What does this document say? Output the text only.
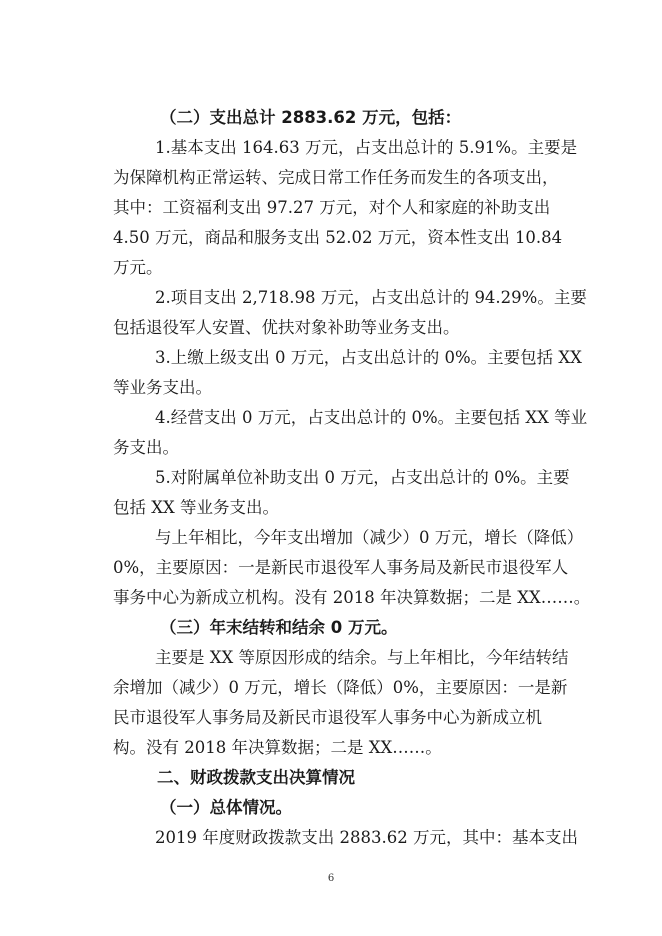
（二）支出总计 2883.62 万元，包括：

1.基本支出 164.63 万元，占支出总计的 5.91%。主要是

为保障机构正常运转、完成日常工作任务而发生的各项支出，

其中：工资福利支出 97.27 万元，对个人和家庭的补助支出

4.50 万元，商品和服务支出 52.02 万元，资本性支出 10.84

万元。

2.项目支出 2,718.98 万元，占支出总计的 94.29%。主要

包括退役军人安置、优扶对象补助等业务支出。

3.上缴上级支出 0 万元，占支出总计的 0%。主要包括 XX

等业务支出。

4.经营支出 0 万元，占支出总计的 0%。主要包括 XX 等业

务支出。

5.对附属单位补助支出 0 万元，占支出总计的 0%。主要

包括 XX 等业务支出。

与上年相比，今年支出增加（减少）0 万元，增长（降低）

0%，主要原因：一是新民市退役军人事务局及新民市退役军人

事务中心为新成立机构。没有 2018 年决算数据；二是 XX……。

（三）年末结转和结余 0 万元。

主要是 XX 等原因形成的结余。与上年相比，今年结转结

余增加（减少）0 万元，增长（降低）0%，主要原因：一是新

民市退役军人事务局及新民市退役军人事务中心为新成立机

构。没有 2018 年决算数据；二是 XX……。

二、财政拨款支出决算情况

（一）总体情况。

2019 年度财政拨款支出 2883.62 万元，其中：基本支出

6
